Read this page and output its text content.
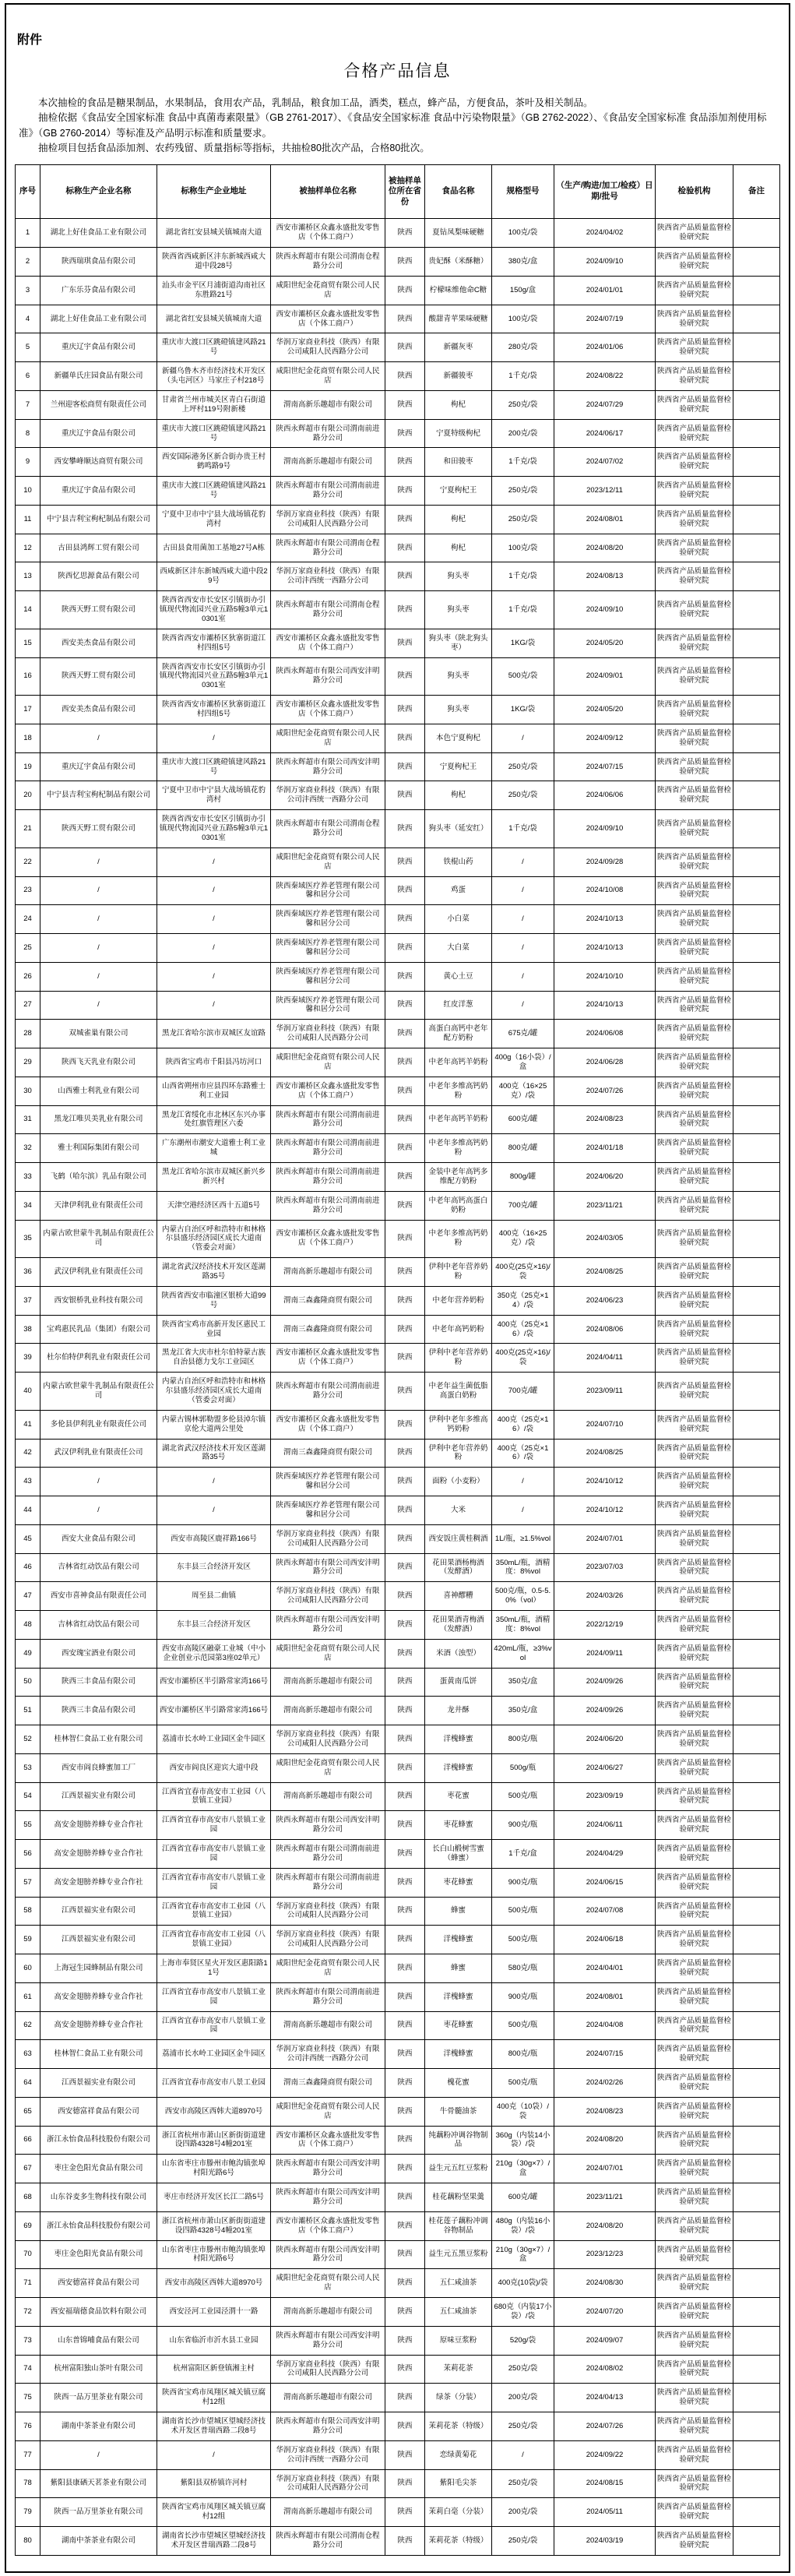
附件
合格产品信息

本次抽检的食品是糖果制品，水果制品，食用农产品，乳制品，粮食加工品，酒类，糕点，蜂产品，方便食品，茶叶及相关制品。

抽检依据《食品安全国家标准 食品中真菌毒素限量》（GB 2761-2017）、《食品安全国家标准 食品中污染物限量》（GB 2762-2022）、《食品安全国家标准 食品添加剂使用标准》（GB 2760-2014）等标准及产品明示标准和质量要求。

抽检项目包括食品添加剂、农药残留、质量指标等指标，共抽检80批次产品，合格80批次。

序号	标称生产企业名称	标称生产企业地址	被抽样单位名称	被抽样单位所在省份	食品名称	规格型号	（生产/购进/加工/检疫）日期/批号	检验机构	备注
1	湖北上好佳食品工业有限公司	湖北省红安县城关镇城南大道	西安市灞桥区众鑫永盛批发零售店（个体工商户）	陕西	夏钻凤梨味硬糖	100克/袋	2024/04/02	陕西省产品质量监督检验研究院	
2	陕西瑞琪食品有限公司	陕西省西咸新区沣东新城西咸大道中段28号	陕西永辉超市有限公司渭南仓程路分公司	陕西	贵妃酥（米酥糖）	380克/盒	2024/09/10	陕西省产品质量监督检验研究院	
3	广东乐芬食品有限公司	汕头市金平区月浦街道沟南社区东胜路21号	咸阳世纪金花商贸有限公司人民店	陕西	柠檬味维他命C糖	150g/盒	2024/01/01	陕西省产品质量监督检验研究院	
4	湖北上好佳食品工业有限公司	湖北省红安县城关镇城南大道	西安市灞桥区众鑫永盛批发零售店（个体工商户）	陕西	酸甜青苹果味硬糖	100克/袋	2024/07/19	陕西省产品质量监督检验研究院	
5	重庆辽宇食品有限公司	重庆市大渡口区跳磴镇建风路21号	华润万家商业科技（陕西）有限公司咸阳人民西路分公司	陕西	新疆灰枣	280克/袋	2024/01/06	陕西省产品质量监督检验研究院	
6	新疆单氏庄园食品有限公司	新疆乌鲁木齐市经济技术开发区（头屯河区）马家庄子村218号	咸阳世纪金花商贸有限公司人民店	陕西	新疆骏枣	1千克/袋	2024/08/22	陕西省产品质量监督检验研究院	
7	兰州迎客松商贸有限责任公司	甘肃省兰州市城关区青白石街道上坪村119号附新楼	渭南高新乐趣超市有限公司	陕西	枸杞	250克/袋	2024/07/29	陕西省产品质量监督检验研究院	
8	重庆辽宇食品有限公司	重庆市大渡口区跳磴镇建风路21号	陕西永辉超市有限公司渭南前进路分公司	陕西	宁夏特级枸杞	200克/袋	2024/06/17	陕西省产品质量监督检验研究院	
9	西安攀峰顺达商贸有限公司	西安国际港务区新合街办贵王村鹤鸣路9号	渭南高新乐趣超市有限公司	陕西	和田骏枣	1千克/袋	2024/07/02	陕西省产品质量监督检验研究院	
10	重庆辽宇食品有限公司	重庆市大渡口区跳磴镇建风路21号	陕西永辉超市有限公司渭南前进路分公司	陕西	宁夏枸杞王	250克/袋	2023/12/11	陕西省产品质量监督检验研究院	
11	中宁县吉利宝枸杞制品有限公司	宁夏中卫市中宁县大战场镇花豹湾村	华润万家商业科技（陕西）有限公司咸阳人民西路分公司	陕西	枸杞	250克/袋	2024/08/01	陕西省产品质量监督检验研究院	
12	古田县鸿辉工贸有限公司	古田县食用菌加工基地27号A栋	陕西永辉超市有限公司渭南仓程路分公司	陕西	枸杞	100克/袋	2024/08/20	陕西省产品质量监督检验研究院	
13	陕西忆思源食品有限公司	西咸新区沣东新城西咸大道中段29号	华润万家商业科技（陕西）有限公司沣西统一西路分公司	陕西	狗头枣	1千克/袋	2024/08/13	陕西省产品质量监督检验研究院	
14	陕西天野工贸有限公司	陕西省西安市长安区引镇街办引镇现代物流园兴业五路5幢3单元10301室	陕西永辉超市有限公司渭南仓程路分公司	陕西	狗头枣	1千克/袋	2024/09/10	陕西省产品质量监督检验研究院	
15	西安美杰食品有限公司	陕西省西安市灞桥区狄寨街道江村四组5号	西安市灞桥区众鑫永盛批发零售店（个体工商户）	陕西	狗头枣（陕北狗头枣）	1KG/袋	2024/05/20	陕西省产品质量监督检验研究院	
16	陕西天野工贸有限公司	陕西省西安市长安区引镇街办引镇现代物流园兴业五路5幢3单元10301室	陕西永辉超市有限公司西安沣明路分公司	陕西	狗头枣	500克/袋	2024/09/01	陕西省产品质量监督检验研究院	
17	西安美杰食品有限公司	陕西省西安市灞桥区狄寨街道江村四组5号	西安市灞桥区众鑫永盛批发零售店（个体工商户）	陕西	狗头枣	1KG/袋	2024/05/20	陕西省产品质量监督检验研究院	
18	/	/	咸阳世纪金花商贸有限公司人民店	陕西	本色宁夏枸杞	/	2024/09/12	陕西省产品质量监督检验研究院	
19	重庆辽宇食品有限公司	重庆市大渡口区跳磴镇建风路21号	陕西永辉超市有限公司西安沣明路分公司	陕西	宁夏枸杞王	250克/袋	2024/07/15	陕西省产品质量监督检验研究院	
20	中宁县吉利宝枸杞制品有限公司	宁夏中卫市中宁县大战场镇花豹湾村	华润万家商业科技（陕西）有限公司沣西统一西路分公司	陕西	枸杞	250克/袋	2024/06/06	陕西省产品质量监督检验研究院	
21	陕西天野工贸有限公司	陕西省西安市长安区引镇街办引镇现代物流园兴业五路5幢3单元10301室	陕西永辉超市有限公司渭南仓程路分公司	陕西	狗头枣（延安红）	1千克/袋	2024/09/10	陕西省产品质量监督检验研究院	
22	/	/	咸阳世纪金花商贸有限公司人民店	陕西	铁棍山药	/	2024/09/28	陕西省产品质量监督检验研究院	
23	/	/	陕西秦域医疗养老管理有限公司馨和居分公司	陕西	鸡蛋	/	2024/10/08	陕西省产品质量监督检验研究院	
24	/	/	陕西秦域医疗养老管理有限公司馨和居分公司	陕西	小白菜	/	2024/10/13	陕西省产品质量监督检验研究院	
25	/	/	陕西秦域医疗养老管理有限公司馨和居分公司	陕西	大白菜	/	2024/10/13	陕西省产品质量监督检验研究院	
26	/	/	陕西秦域医疗养老管理有限公司馨和居分公司	陕西	黄心土豆	/	2024/10/10	陕西省产品质量监督检验研究院	
27	/	/	陕西秦域医疗养老管理有限公司馨和居分公司	陕西	红皮洋葱	/	2024/10/13	陕西省产品质量监督检验研究院	
28	双城雀巢有限公司	黑龙江省哈尔滨市双城区友谊路	华润万家商业科技（陕西）有限公司咸阳人民西路分公司	陕西	高蛋白高钙中老年配方奶粉	675克/罐	2024/06/08	陕西省产品质量监督检验研究院	
29	陕西飞天乳业有限公司	陕西省宝鸡市千阳县冯坊河口	咸阳世纪金花商贸有限公司人民店	陕西	中老年高钙羊奶粉	400g（16小袋）/盒	2024/06/28	陕西省产品质量监督检验研究院	
30	山西雅士利乳业有限公司	山西省朔州市应县四环东路雅士利工业园	西安市灞桥区众鑫永盛批发零售店（个体工商户）	陕西	中老年多维高钙奶粉	400克（16×25克）/袋	2024/07/26	陕西省产品质量监督检验研究院	
31	黑龙江唯贝美乳业有限公司	黑龙江省绥化市北林区东兴办事处红旗管理区六委	陕西永辉超市有限公司渭南前进路分公司	陕西	中老年高钙羊奶粉	600克/罐	2024/08/23	陕西省产品质量监督检验研究院	
32	雅士利国际集团有限公司	广东潮州市潮安大道雅士利工业城	陕西永辉超市有限公司渭南前进路分公司	陕西	中老年多维高钙奶粉	800克/罐	2024/01/18	陕西省产品质量监督检验研究院	
33	飞鹤（哈尔滨）乳品有限公司	黑龙江省哈尔滨市双城区新兴乡新兴村	陕西永辉超市有限公司渭南前进路分公司	陕西	金装中老年高钙多维配方奶粉	800g/罐	2024/06/20	陕西省产品质量监督检验研究院	
34	天津伊利乳业有限责任公司	天津空港经济区西十五道5号	陕西永辉超市有限公司渭南前进路分公司	陕西	中老年高钙高蛋白奶粉	700克/罐	2023/11/21	陕西省产品质量监督检验研究院	
35	内蒙古欧世蒙牛乳制品有限责任公司	内蒙古自治区呼和浩特市和林格尔县盛乐经济园区成长大道南（管委会对面）	西安市灞桥区众鑫永盛批发零售店（个体工商户）	陕西	中老年多维高钙奶粉	400克（16×25克）/袋	2024/03/05	陕西省产品质量监督检验研究院	
36	武汉伊利乳业有限责任公司	湖北省武汉经济技术开发区莲湖路35号	渭南高新乐趣超市有限公司	陕西	伊利中老年营养奶粉	400克(25克×16)/袋	2024/08/25	陕西省产品质量监督检验研究院	
37	西安银桥乳业科技有限公司	陕西省西安市临潼区银桥大道99号	渭南三森鑫隆商贸有限公司	陕西	中老年营养奶粉	350克（25克×14）/袋	2024/06/23	陕西省产品质量监督检验研究院	
38	宝鸡惠民乳品（集团）有限公司	陕西省宝鸡市高新开发区惠民工业园	渭南三森鑫隆商贸有限公司	陕西	中老年高钙奶粉	400克（25克×16）/袋	2024/08/06	陕西省产品质量监督检验研究院	
39	杜尔伯特伊利乳业有限责任公司	黑龙江省大庆市杜尔伯特蒙古族自治县德力戈尔工业园区	西安市灞桥区众鑫永盛批发零售店（个体工商户）	陕西	伊利中老年营养奶粉	400克(25克×16)/袋	2024/04/11	陕西省产品质量监督检验研究院	
40	内蒙古欧世蒙牛乳制品有限责任公司	内蒙古自治区呼和浩特市和林格尔县盛乐经济园区成长大道南（管委会对面）	陕西永辉超市有限公司渭南前进路分公司	陕西	中老年益生菌低脂高蛋白奶粉	700克/罐	2023/09/11	陕西省产品质量监督检验研究院	
41	多伦县伊利乳业有限责任公司	内蒙古锡林郭勒盟多伦县淖尔镇京伦大道两公里处	西安市灞桥区众鑫永盛批发零售店（个体工商户）	陕西	伊利中老年多维高钙奶粉	400克（25克×16）/袋	2024/07/10	陕西省产品质量监督检验研究院	
42	武汉伊利乳业有限责任公司	湖北省武汉经济技术开发区莲湖路35号	渭南三森鑫隆商贸有限公司	陕西	伊利中老年营养奶粉	400克（25克×16）/袋	2024/08/25	陕西省产品质量监督检验研究院	
43	/	/	陕西秦域医疗养老管理有限公司馨和居分公司	陕西	面粉（小麦粉）	/	2024/10/12	陕西省产品质量监督检验研究院	
44	/	/	陕西秦域医疗养老管理有限公司馨和居分公司	陕西	大米	/	2024/10/12	陕西省产品质量监督检验研究院	
45	西安大业食品有限公司	西安市高陵区鹿祥路166号	华润万家商业科技（陕西）有限公司咸阳人民西路分公司	陕西	西安饭庄黄桂稠酒	1L/瓶，≥1.5%vol	2024/07/01	陕西省产品质量监督检验研究院	
46	吉林省红动饮品有限公司	东丰县三合经济开发区	陕西永辉超市有限公司西安沣明路分公司	陕西	花田果酒杨梅酒（发酵酒）	350mL/瓶，酒精度：8%vol	2023/07/03	陕西省产品质量监督检验研究院	
47	西安市喜神食品有限责任公司	周至县二曲镇	华润万家商业科技（陕西）有限公司咸阳人民西路分公司	陕西	喜神醪糟	500克/瓶，0.5-5.0%（vol）	2024/03/26	陕西省产品质量监督检验研究院	
48	吉林省红动饮品有限公司	东丰县三合经济开发区	陕西永辉超市有限公司西安沣明路分公司	陕西	花田果酒青梅酒（发酵酒）	350mL/瓶，酒精度：8%vol	2022/12/19	陕西省产品质量监督检验研究院	
49	西安瑰宝酒业有限公司	西安市高陵区融豪工业城（中小企业创业示范园第3座02单元）	咸阳世纪金花商贸有限公司人民店	陕西	米酒（浊型）	420mL/瓶，≥3%vol	2024/09/11	陕西省产品质量监督检验研究院	
50	陕西三丰食品有限公司	西安市灞桥区半引路常家湾166号	渭南高新乐趣超市有限公司	陕西	蛋黄南瓜饼	350克/盒	2024/09/26	陕西省产品质量监督检验研究院	
51	陕西三丰食品有限公司	西安市灞桥区半引路常家湾166号	渭南高新乐趣超市有限公司	陕西	龙井酥	350克/盒	2024/09/26	陕西省产品质量监督检验研究院	
52	桂林智仁食品工业有限公司	荔浦市长水岭工业园区金牛园区	华润万家商业科技（陕西）有限公司咸阳人民西路分公司	陕西	洋槐蜂蜜	800克/瓶	2024/06/20	陕西省产品质量监督检验研究院	
53	西安市阎良蜂蜜加工厂	西安市阎良区迎宾大道中段	咸阳世纪金花商贸有限公司人民店	陕西	洋槐蜂蜜	500g/瓶	2024/06/27	陕西省产品质量监督检验研究院	
54	江西景福实业有限公司	江西省宜春市高安市工业园（八景镇工业园）	渭南高新乐趣超市有限公司	陕西	枣花蜜	500克/瓶	2023/09/19	陕西省产品质量监督检验研究院	
55	高安金翅膀养蜂专业合作社	江西省宜春市高安市八景镇工业园	陕西永辉超市有限公司西安沣明路分公司	陕西	枣花蜂蜜	900克/瓶	2024/06/11	陕西省产品质量监督检验研究院	
56	高安金翅膀养蜂专业合作社	江西省宜春市高安市八景镇工业园	陕西永辉超市有限公司渭南前进路分公司	陕西	长白山椴树雪蜜（蜂蜜）	1千克/盒	2024/04/29	陕西省产品质量监督检验研究院	
57	高安金翅膀养蜂专业合作社	江西省宜春市高安市八景镇工业园	陕西永辉超市有限公司渭南前进路分公司	陕西	枣花蜂蜜	900克/瓶	2024/06/15	陕西省产品质量监督检验研究院	
58	江西景福实业有限公司	江西省宜春市高安市工业园（八景镇工业园）	华润万家商业科技（陕西）有限公司咸阳人民西路分公司	陕西	蜂蜜	500克/瓶	2024/07/08	陕西省产品质量监督检验研究院	
59	江西景福实业有限公司	江西省宜春市高安市工业园（八景镇工业园）	华润万家商业科技（陕西）有限公司咸阳人民西路分公司	陕西	洋槐蜂蜜	500克/瓶	2024/06/18	陕西省产品质量监督检验研究院	
60	上海冠生园蜂制品有限公司	上海市奉贤区星火开发区惠阳路11号	咸阳世纪金花商贸有限公司人民店	陕西	蜂蜜	580克/瓶	2024/04/01	陕西省产品质量监督检验研究院	
61	高安金翅膀养蜂专业合作社	江西省宜春市高安市八景镇工业园	陕西永辉超市有限公司渭南前进路分公司	陕西	洋槐蜂蜜	900克/瓶	2024/08/01	陕西省产品质量监督检验研究院	
62	高安金翅膀养蜂专业合作社	江西省宜春市高安市八景镇工业园	渭南高新乐趣超市有限公司	陕西	枣花蜂蜜	500克/瓶	2024/04/08	陕西省产品质量监督检验研究院	
63	桂林智仁食品工业有限公司	荔浦市长水岭工业园区金牛园区	华润万家商业科技（陕西）有限公司沣西统一西路分公司	陕西	洋槐蜂蜜	800克/瓶	2024/07/15	陕西省产品质量监督检验研究院	
64	江西景福实业有限公司	江西省宜春市高安市八景工业园	渭南三森鑫隆商贸有限公司	陕西	槐花蜜	500克/瓶	2024/02/26	陕西省产品质量监督检验研究院	
65	西安德富祥食品有限公司	西安市高陵区西韩大道8970号	咸阳世纪金花商贸有限公司人民店	陕西	牛骨髓油茶	400克（10袋）/袋	2024/08/23	陕西省产品质量监督检验研究院	
66	浙江永怡食品科技股份有限公司	浙江省杭州市萧山区新街街道建设四路4328号4幢201室	西安市灞桥区众鑫永盛批发零售店（个体工商户）	陕西	纯藕粉冲调谷物制品	360g（内装14小袋）/袋	2024/08/20	陕西省产品质量监督检验研究院	
67	枣庄金色阳光食品有限公司	山东省枣庄市滕州市鲍沟镇张埠村阳光路6号	陕西永辉超市有限公司西安沣明路分公司	陕西	益生元五红豆浆粉	210g（30g×7）/盒	2024/07/01	陕西省产品质量监督检验研究院	
68	山东谷麦多生物科技有限公司	枣庄市经济开发区长江二路5号	陕西永辉超市有限公司西安沣明路分公司	陕西	桂花藕粉坚果羹	600克/罐	2023/11/21	陕西省产品质量监督检验研究院	
69	浙江永怡食品科技股份有限公司	浙江省杭州市萧山区新街街道建设四路4328号4幢201室	西安市灞桥区众鑫永盛批发零售店（个体工商户）	陕西	桂花莲子藕粉冲调谷物制品	480g（内装16小袋）/袋	2024/08/20	陕西省产品质量监督检验研究院	
70	枣庄金色阳光食品有限公司	山东省枣庄市滕州市鲍沟镇张埠村阳光路6号	陕西永辉超市有限公司西安沣明路分公司	陕西	益生元五黑豆浆粉	210g（30g×7）/盒	2023/12/23	陕西省产品质量监督检验研究院	
71	西安德富祥食品有限公司	西安市高陵区西韩大道8970号	咸阳世纪金花商贸有限公司人民店	陕西	五仁咸油茶	400克(10袋)/袋	2024/08/30	陕西省产品质量监督检验研究院	
72	西安福瑞德食品饮料有限公司	西安泾河工业园泾渭十一路	渭南高新乐趣超市有限公司	陕西	五仁咸油茶	680克（内装17小袋）/袋	2024/07/20	陕西省产品质量监督检验研究院	
73	山东普锦哺食品有限公司	山东省临沂市沂水县工业园	陕西永辉超市有限公司西安沣明路分公司	陕西	原味豆浆粉	520g/袋	2024/09/07	陕西省产品质量监督检验研究院	
74	杭州富阳独山茶叶有限公司	杭州富阳区新登镇湘主村	华润万家商业科技（陕西）有限公司咸阳人民西路分公司	陕西	茉莉花茶	250克/袋	2024/08/02	陕西省产品质量监督检验研究院	
75	陕西一品万里茶业有限公司	陕西省宝鸡市凤翔区城关镇豆腐村12组	渭南高新乐趣超市有限公司	陕西	绿茶（分装）	200克/袋	2024/04/13	陕西省产品质量监督检验研究院	
76	湖南中茶茶业有限公司	湖南省长沙市望城区望城经济技术开发区普瑞西路二段8号	陕西永辉超市有限公司西安沣明路分公司	陕西	茉莉花茶（特级）	250克/袋	2024/07/26	陕西省产品质量监督检验研究院	
77	/	/	华润万家商业科技（陕西）有限公司沣西统一西路分公司	陕西	恋绿黄菊花	/	2024/09/22	陕西省产品质量监督检验研究院	
78	紫阳县康硒天茗茶业有限公司	紫阳县双桥镇许河村	华润万家商业科技（陕西）有限公司咸阳人民西路分公司	陕西	紫阳毛尖茶	250克/袋	2024/08/15	陕西省产品质量监督检验研究院	
79	陕西一品万里茶业有限公司	陕西省宝鸡市凤翔区城关镇豆腐村12组	渭南高新乐趣超市有限公司	陕西	茉莉白毫（分装）	200克/袋	2024/05/11	陕西省产品质量监督检验研究院	
80	湖南中茶茶业有限公司	湖南省长沙市望城区望城经济技术开发区普瑞西路二段8号	陕西永辉超市有限公司渭南仓程路分公司	陕西	茉莉花茶（特级）	250克/袋	2024/03/19	陕西省产品质量监督检验研究院	
